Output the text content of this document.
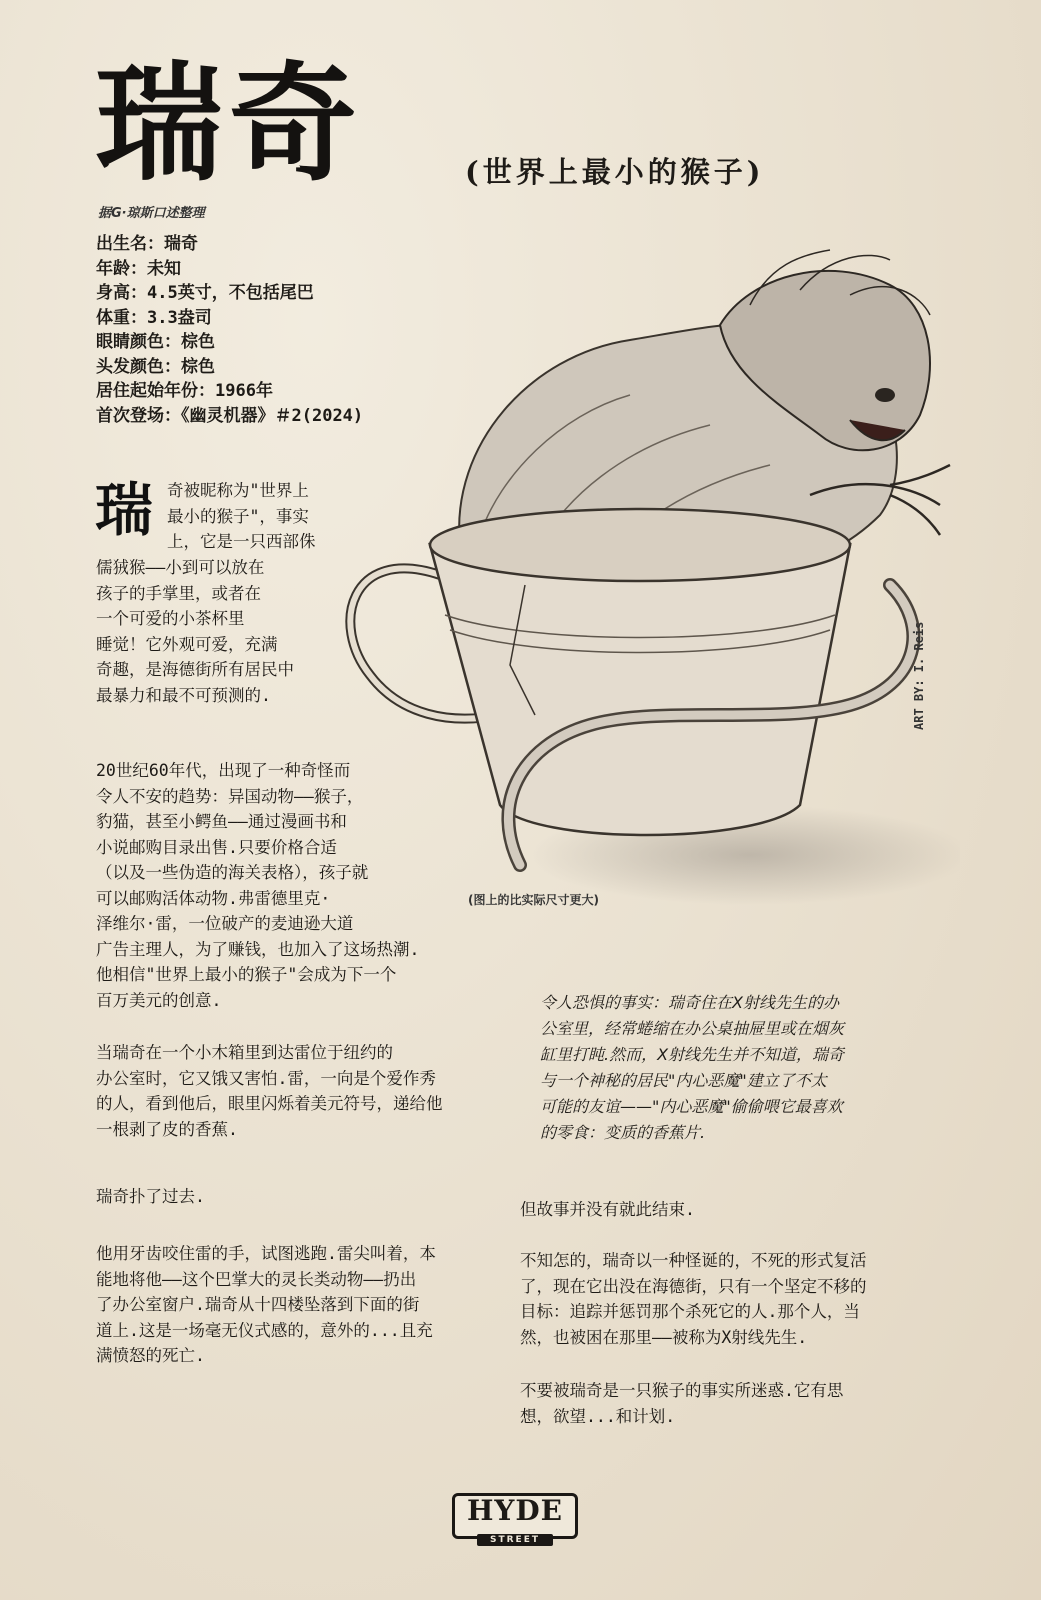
瑞奇	(世界上最小的猴子)
据G·琼斯口述整理
出生名：瑞奇
年龄：未知
身高：4.5英寸，不包括尾巴
体重：3.3盎司
眼睛颜色：棕色
头发颜色：棕色
居住起始年份：1966年
首次登场：《幽灵机器》＃2(2024)
瑞 奇被昵称为"世界上
最小的猴子"，事实
上，它是一只西部侏
儒狨猴——小到可以放在
孩子的手掌里，或者在
一个可爱的小茶杯里
睡觉！它外观可爱，充满
奇趣，是海德街所有居民中
最暴力和最不可预测的.
20世纪60年代，出现了一种奇怪而
令人不安的趋势：异国动物——猴子，
豹猫，甚至小鳄鱼——通过漫画书和
小说邮购目录出售.只要价格合适
（以及一些伪造的海关表格），孩子就
可以邮购活体动物.弗雷德里克·
泽维尔·雷，一位破产的麦迪逊大道
广告主理人，为了赚钱，也加入了这场热潮.
他相信"世界上最小的猴子"会成为下一个
百万美元的创意.
当瑞奇在一个小木箱里到达雷位于纽约的
办公室时，它又饿又害怕.雷，一向是个爱作秀
的人，看到他后，眼里闪烁着美元符号，递给他
一根剥了皮的香蕉.
瑞奇扑了过去.
他用牙齿咬住雷的手，试图逃跑.雷尖叫着，本
能地将他——这个巴掌大的灵长类动物——扔出
了办公室窗户.瑞奇从十四楼坠落到下面的街
道上.这是一场毫无仪式感的，意外的...且充
满愤怒的死亡.
令人恐惧的事实：瑞奇住在X射线先生的办
公室里，经常蜷缩在办公桌抽屉里或在烟灰
缸里打盹.然而，X射线先生并不知道，瑞奇
与一个神秘的居民"内心恶魔"建立了不太
可能的友谊——"内心恶魔"偷偷喂它最喜欢
的零食：变质的香蕉片.
但故事并没有就此结束.
不知怎的，瑞奇以一种怪诞的，不死的形式复活
了，现在它出没在海德街，只有一个坚定不移的
目标：追踪并惩罚那个杀死它的人.那个人，当
然，也被困在那里——被称为X射线先生.
不要被瑞奇是一只猴子的事实所迷惑.它有思
想，欲望...和计划.
(图上的比实际尺寸更大)
ART BY: I. Reis
HYDE
STREET
